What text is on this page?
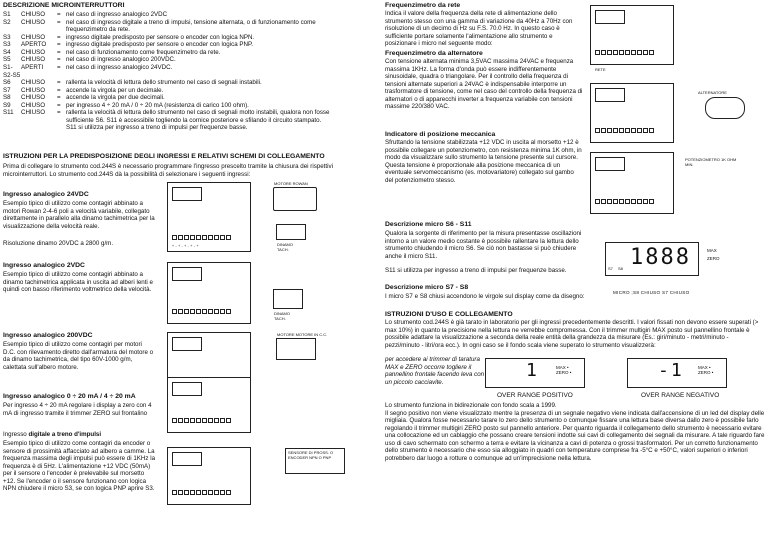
DESCRIZIONE MICROINTERRUTTORI
S1	CHIUSO	= nel caso di ingresso analogico 2VDC
S2	CHIUSO	= nel caso di ingresso digitale a treno di impulsi, tensione alternata, o di funzionamento come frequenzimetro da rete.
S3	CHIUSO	= ingresso digitale predisposto per sensore o encoder con logica NPN.
S3	APERTO	= ingresso digitale predisposto per sensore o encoder con logica PNP.
S4	CHIUSO	= nel caso di funzionamento come frequenzimetro da rete.
S5	CHIUSO	= nel caso di ingresso analogico 200VDC.
S1-S2-S5
APERTI	= nel caso di ingresso analogico 24VDC.
S6	CHIUSO	= rallenta la velocità di lettura dello strumento nel caso di segnali instabili.
S7	CHIUSO	= accende la virgola per un decimale.
S8	CHIUSO	= accende la virgola per due decimali.
S9	CHIUSO	= per ingresso 4 ÷ 20 mA / 0 ÷ 20 mA (resistenza di carico 100 ohm).
S11	CHIUSO	= rallenta la velocità di lettura dello strumento nel caso di segnali molto instabili, qualora non fosse sufficiente S6. S11 è accessibile togliendo la cornice posteriore e sfilando il circuito stampato. S11 si utilizza per ingresso a treno di impulsi per frequenze basse.
ISTRUZIONI PER LA PREDISPOSIZIONE DEGLI INGRESSI E RELATIVI SCHEMI DI COLLEGAMENTO
Prima di collegare lo strumento cod.244S è necessario programmare l'ingresso prescelto tramite la chiusura dei rispettivi microinterruttori. Lo strumento cod.244S dà la possibilità di selezionare i seguenti ingressi:
Ingresso analogico 24VDC
Esempio tipico di utilizzo come contagiri abbinato a motori Rowan 2-4-6 poli a velocità variabile, collegato direttamente in parallelo alla dinamo tachimetrica per la visualizzazione della velocità reale.
Risoluzione dinamo 20VDC a 2800 g/m.
Ingresso analogico 2VDC
Esempio tipico di utilizzo come contagiri abbinato a dinamo tachimetrica applicata in uscita ad alberi lenti e quindi con basso riferimento voltmetrico della velocità.
Ingresso analogico 200VDC
Esempio tipico di utilizzo come contagiri per motori D.C. con rilevamento diretto dall'armatura del motore o da dinamo tachimetrica, del tipo 60V-1000 g/m, calettata sull'albero motore.
Ingresso analogico 0 ÷ 20 mA / 4 ÷ 20 mA
Per ingresso 4 ÷ 20 mA regolare i display a zero con 4 mA di ingresso tramite il trimmer ZERO sul frontalino
Ingresso digitale a treno d'impulsi
Esempio tipico di utilizzo come contagiri da encoder o sensore di prossimità affacciato ad albero a camme. La frequenza massima degli impulsi può essere di 1KHz la frequenza è di 5Hz. L'alimentazione +12 VDC (50mA) per il sensore o l'encoder è prelevabile sul morsetto +12. Se l'encoder o il sensore funzionano con logica NPN chiudere il micro S3, se con logica PNP aprire S3.
+ - + - + - + - +
MOTORE ROWAN
DINAMO TACH.
DINAMO TACH.
MOTORE MOTORE IN C.C.
SENSORE DI PROSS. O ENCODER NPN O PNP
Frequenzimetro da rete
Indica il valore della frequenza della rete di alimentazione dello strumento stesso con una gamma di variazione da 40Hz a 70Hz con risoluzione di un decimo di Hz su F.S. 70.0 Hz. In questo caso è sufficiente portare solamente l'alimentazione allo strumento e posizionare i micro nel seguente modo:
RETE
Frequenzimetro da alternatore
Con tensione alternata minima 3,5VAC massima 24VAC e frequenza massima 1KHz. La forma d'onda può essere indifferentemente sinusoidale, quadra o triangolare. Per il controllo della frequenza di tensioni alternate superiori a 24VAC è indispensabile interporre un trasformatore di tensione, come nel caso del controllo della frequenza di alternatori o di apparecchi inverter a frequenza variabile con tensioni massime 220/380 VAC.
ALTERNATORE
Indicatore di posizione meccanica
Sfruttando la tensione stabilizzata +12 VDC in uscita al morsetto +12 è possibile collegare un potenziometro, con resistenza minima 1K ohm, in modo da visualizzare sullo strumento la tensione presente sul cursore. Questa tensione è proporzionale alla posizione meccanica di un eventuale servomeccanismo (es. motovariatore) collegato sul gambo del potenziometro stesso.
POTENZIOMETRO 1K OHM MIN.
Descrizione micro S6 - S11
Qualora la sorgente di riferimento per la misura presentasse oscillazioni intorno a un valore medio costante è possibile rallentare la lettura dello strumento chiudendo il micro S6. Se ciò non bastasse si può chiudere anche il micro S11.
S11 si utilizza per ingresso a treno di impulsi per frequenze basse.
1888
S7 S8
MAX
ZERO
Descrizione micro S7 - S8
I micro S7 e S8 chiusi accendono le virgole sul display come da disegno:
MICRO ;S8 CHIUSO S7 CHIUSO
ISTRUZIONI D'USO E COLLEGAMENTO
Lo strumento cod.244S è già tarato in laboratorio per gli ingressi precedentemente descritti. I valori fissati non devono essere superati (> max 10%) in quanto la precisione nella lettura ne verrebbe compromessa. Con il trimmer multigiri MAX posto sul pannellino frontale è possibile adattare la visualizzazione a seconda della reale entità della grandezza da misurare (Es.: giri/minuto - metri/minuto - pezzi/minuto - litri/ora ecc.). In ogni caso se il fondo scala viene superato lo strumento visualizzerà:
per accedere ai trimmer di taratura MAX e ZERO occorre togliere il pannellino frontale facendo leva con un piccolo cacciavite.
1	MAX •
ZERO •	-1	MAX •
ZERO •
OVER RANGE POSITIVO	OVER RANGE NEGATIVO
Lo strumento funziona in bidirezionale con fondo scala a 1999.
Il segno positivo non viene visualizzato mentre la presenza di un segnale negativo viene indicata dall'accensione di un led del display delle migliaia. Qualora fosse necessario tarare lo zero dello strumento o comunque fissare una lettura base diversa dallo zero è possibile farlo regolando il trimmer multigiri ZERO posto sul pannello anteriore. Per quanto riguarda il collegamento dello strumento è necessario evitare una collocazione ed un cablaggio che possano creare tensioni indotte sui cavi di collegamento dei segnali da misurare. A tale riguardo fare uso di cavo schermato con schermo a terra e evitare la vicinanza a cavi di potenza o grossi trasformatori. Per un corretto funzionamento dello strumento è necessario che esso sia alloggiato in quadri con temperature comprese fra -5°C e +50°C, valori superiori o inferiori potrebbero dar luogo a rotture o comunque ad un'imprecisione nella lettura.
